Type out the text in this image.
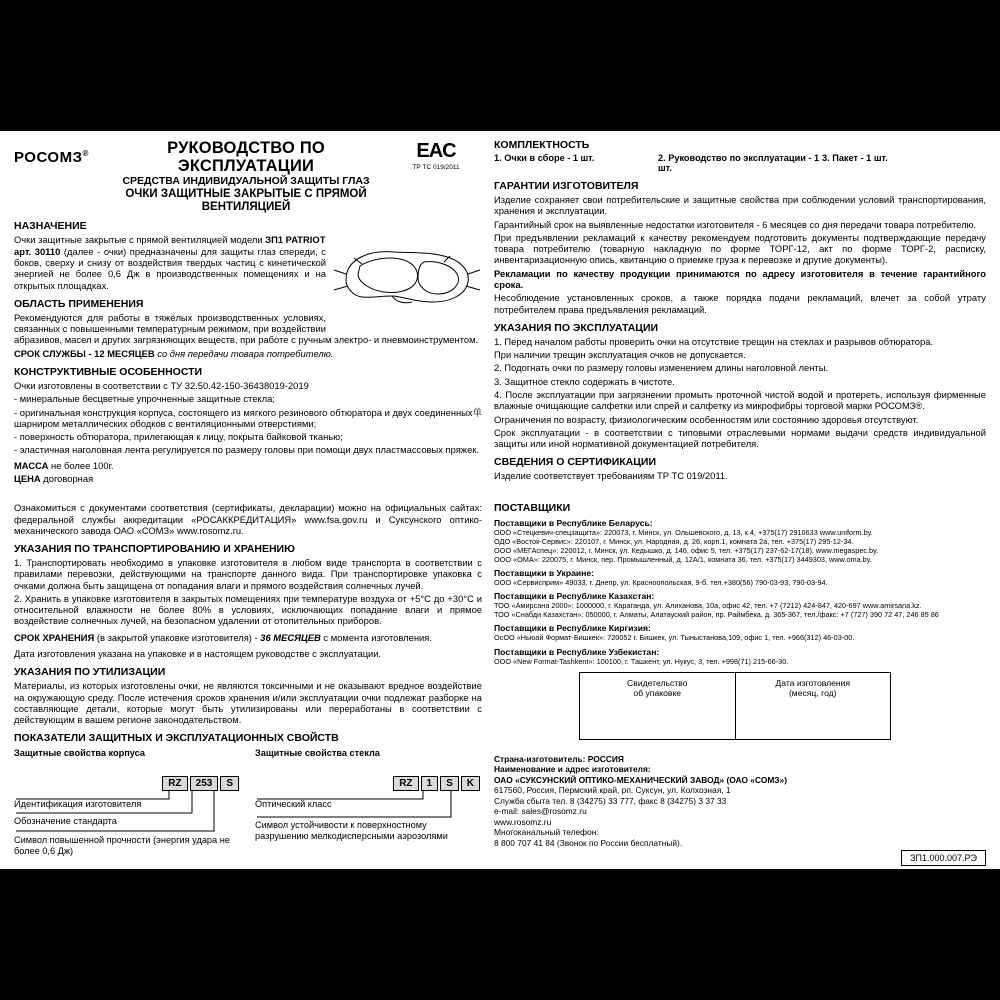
РОСОМЗ®	РУКОВОДСТВО ПО ЭКСПЛУАТАЦИИ
СРЕДСТВА ИНДИВИДУАЛЬНОЙ ЗАЩИТЫ ГЛАЗ
ОЧКИ ЗАЩИТНЫЕ ЗАКРЫТЫЕ С ПРЯМОЙ ВЕНТИЛЯЦИЕЙ
EAC
ТР ТС 019/2011
НАЗНАЧЕНИЕ

Очки защитные закрытые с прямой вентиляцией модели ЗП1 PATRIOT
арт. 30110 (далее - очки) предназначены для защиты глаз спереди, с боков, сверху и снизу от воздействия твердых частиц с кинетической энергией не более 0,6 Дж в производственных помещениях и на открытых площадках.

ОБЛАСТЬ ПРИМЕНЕНИЯ

Рекомендуются для работы в тяжёлых производственных условиях, связанных с повышенными температурным режимом, при воздействии абразивов, масел и других загрязняющих веществ, при работе с ручным электро- и пневмоинструментом.

СРОК СЛУЖБЫ - 12 МЕСЯЦЕВ со дня передачи товара потребителю.

КОНСТРУКТИВНЫЕ ОСОБЕННОСТИ

Очки изготовлены в соответствии с ТУ 32.50.42-150-36438019-2019

- минеральные бесцветные упрочненные защитные стекла;

- оригинальная конструкция корпуса, состоящего из мягкого резинового обтюратора и двух соединенных单 шарниром металлических ободков с вентиляционными отверстиями;

- поверхность обтюратора, прилегающая к лицу, покрыта байковой тканью;

- эластичная наголовная лента регулируется по размеру головы при помощи двух пластмассовых пряжек.

МАССА не более 100г.

ЦЕНА договорная

Ознакомиться с документами соответствия (сертификаты, декларации) можно на официальных сайтах: федеральной службы аккредитации «РОСАККРЕДИТАЦИЯ» www.fsa.gov.ru и Суксунского оптико-механического завода ОАО «СОМЗ» www.rosomz.ru.

УКАЗАНИЯ ПО ТРАНСПОРТИРОВАНИЮ И ХРАНЕНИЮ

1. Транспортировать необходимо в упаковке изготовителя в любом виде транспорта в соответствии с правилами перевозки, действующими на транспорте данного вида. При транспортировке упаковка с очками должна быть защищена от попадания влаги и прямого воздействия солнечных лучей.

2. Хранить в упаковке изготовителя в закрытых помещениях при температуре воздуха от +5°С до +30°С и относительной влажности не более 80% в условиях, исключающих попадание влаги и прямое воздействие солнечных лучей, на безопасном удалении от отопительных приборов.

СРОК ХРАНЕНИЯ (в закрытой упаковке изготовителя) - 36 МЕСЯЦЕВ с момента изготовления.

Дата изготовления указана на упаковке и в настоящем руководстве с эксплуатации.

УКАЗАНИЯ ПО УТИЛИЗАЦИИ

Материалы, из которых изготовлены очки, не являются токсичными и не оказывают вредное воздействие на окружающую среду. После истечения сроков хранения и/или эксплуатации очки подлежат разборке на составляющие детали, которые могут быть утилизированы или переработаны в соответствии с действующим в вашем регионе законодательством.

ПОКАЗАТЕЛИ ЗАЩИТНЫХ И ЭКСПЛУАТАЦИОННЫХ СВОЙСТВ
Защитные свойства корпуса
RZ 253 S
Идентификация изготовителя
Обозначение стандарта
Символ повышенной прочности (энергия удара не более 0,6 Дж)
Защитные свойства стекла
RZ 1 S K
Оптический класс
Символ устойчивости к поверхностному разрушению мелкодисперсными аэрозолями
КОМПЛЕКТНОСТЬ
1. Очки в сборе - 1 шт.	2. Руководство по эксплуатации - 1 шт.
3. Пакет - 1 шт.
ГАРАНТИИ ИЗГОТОВИТЕЛЯ

Изделие сохраняет свои потребительские и защитные свойства при соблюдении условий транспортирования, хранения и эксплуатации.

Гарантийный срок на выявленные недостатки изготовителя - 6 месяцев со дня передачи товара потребителю.

При предъявлении рекламаций к качеству рекомендуем подготовить документы подтверждающие передачу товара потребителю (товарную накладную по форме ТОРГ-12, акт по форме ТОРГ-2, расписку, инвентаризационную опись, квитанцию о приемке груза к перевозке и другие документы).

Рекламации по качеству продукции принимаются по адресу изготовителя в течение гарантийного срока.

Несоблюдение установленных сроков, а также порядка подачи рекламаций, влечет за собой утрату потребителем права предъявления рекламаций.

УКАЗАНИЯ ПО ЭКСПЛУАТАЦИИ

1. Перед началом работы проверить очки на отсутствие трещин на стеклах и разрывов обтюратора.

При наличии трещин эксплуатация очков не допускается.

2. Подогнать очки по размеру головы изменением длины наголовной ленты.

3. Защитное стекло содержать в чистоте.

4. После эксплуатации при загрязнении промыть проточной чистой водой и протереть, используя фирменные влажные очищающие салфетки или спрей и салфетку из микрофибры торговой марки РОСОМЗ®.

Ограничения по возрасту, физиологическим особенностям или состоянию здоровья отсутствуют.

Срок эксплуатации - в соответствии с типовыми отраслевыми нормами выдачи средств индивидуальной защиты или иной нормативной документацией потребителя.

СВЕДЕНИЯ О СЕРТИФИКАЦИИ

Изделие соответствует требованиям ТР ТС 019/2011.

ПОСТАВЩИКИ
Поставщики в Республике Беларусь:
ООО «Стецкевич-спецзащита»: 220073, г. Минск, ул. Ольшевского, д. 13, к.4, +375(17) 2910633 www.uniform.by.
ОДО «Восток-Сервис»: 220107, г. Минск, ул. Народная, д. 26, корп.1, комната 2а, тел. +375(17) 295-12-34.
ООО «МЕГАспец»: 220012, г. Минск, ул. Кедышко, д. 146, офис 5, тел. +375(17) 237-62-17(18), www.megaspec.by.
ООО «ОМА»: 220075, г. Минск, пер. Промышленный, д. 12А/1, комната 36, тел. +375(17) 3449303, www.oma.by.
Поставщики в Украине:
ООО «Сервисприм» 49033, г. Днепр, ул. Красноопольская, 9-б. тел.+380(56) 790-03-93, 790-03-94.
Поставщики в Республике Казахстан:
ТОО «Амирсана 2000»: 1000000, г. Караганда, ул. Алиханова, 10а, офис 42, тел. +7 (7212) 424-847, 420-697 www.amirsana.kz.
ТОО «Снабди Казахстан»: 050000, г. Алматы, Алатауский район, пр. Раймбека, д. 365-367, тел./факс: +7 (727) 390 72 47, 246 85 86
Поставщики в Республике Киргизия:
ОсОО «Ньюай Формат-Бишкек»: 720052 г. Бишкек, ул. Тыныстанова,109, офис 1, тел. +966(312) 46-03-00.
Поставщики в Республике Узбекистан:
ООО «New Format-Tashkent»: 100100, г. Ташкент, ул. Нукус, 3, тел. +998(71) 215-66-30.
Свидетельство
об упаковке
Дата изготовления
(месяц, год)
Страна-изготовитель: РОССИЯ
Наименование и адрес изготовителя:
ОАО «СУКСУНСКИЙ ОПТИКО-МЕХАНИЧЕСКИЙ ЗАВОД» (ОАО «СОМЗ»)
617560, Россия, Пермский край, рп. Суксун, ул. Колхозная, 1
Служба сбыта тел. 8 (34275) 33 777, факс 8 (34275) 3 37 33
e-mail: sales@rosomz.ru
www.rosomz.ru
Многоканальный телефон:
8 800 707 41 84 (Звонок по России бесплатный).
ЗП1.000.007.РЭ
